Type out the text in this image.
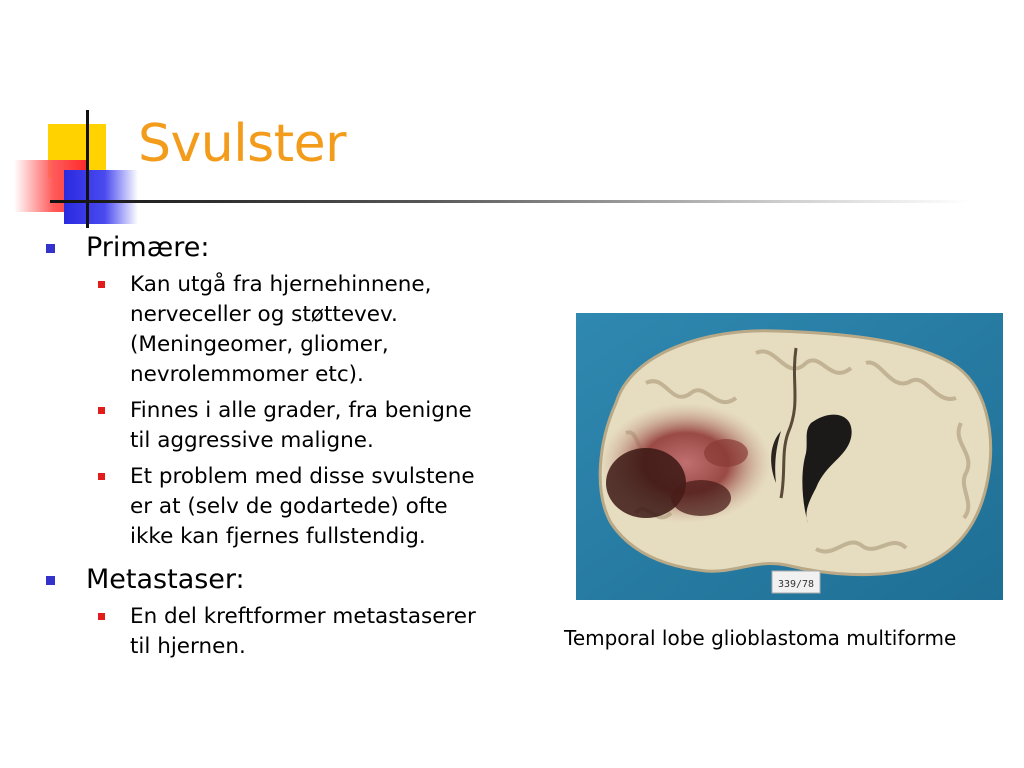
Svulster
Primære:
Kan utgå fra hjernehinnene,
nerveceller og støttevev.
(Meningeomer, gliomer,
nevrolemmomer etc).
Finnes i alle grader, fra benigne
til aggressive maligne.
Et problem med disse svulstene
er at (selv de godartede) ofte
ikke kan fjernes fullstendig.
Metastaser:
En del kreftformer metastaserer
til hjernen.
339/78
Temporal lobe glioblastoma multiforme
